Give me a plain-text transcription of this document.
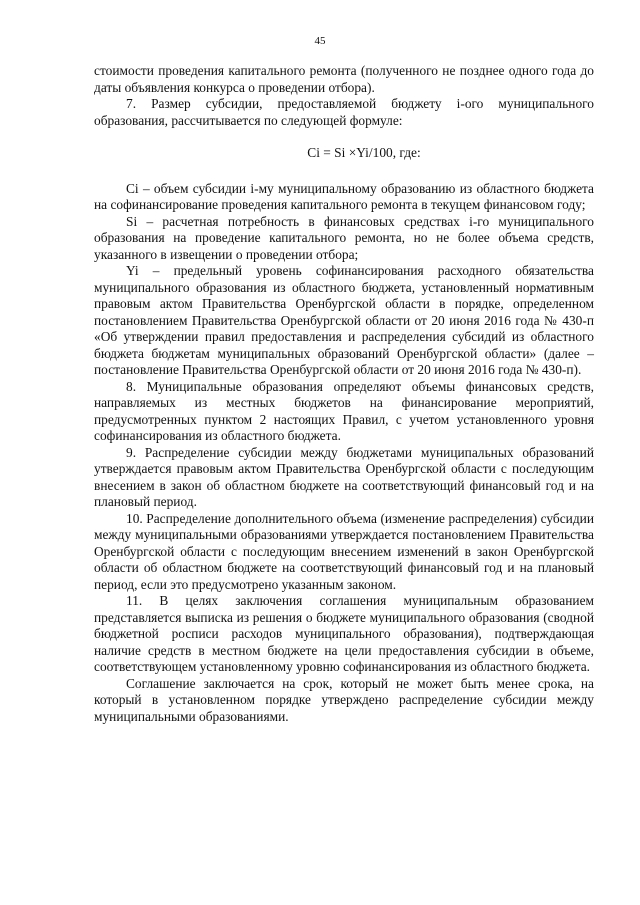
45

стоимости проведения капитального ремонта (полученного не позднее одного года до даты объявления конкурса о проведении отбора).

7. Размер субсидии, предоставляемой бюджету i-ого муниципального образования, рассчитывается по следующей формуле:

Ci = Si ×Yi/100, где:

Ci – объем субсидии i-му муниципальному образованию из областного бюджета на софинансирование проведения капитального ремонта в текущем финансовом году;

Si – расчетная потребность в финансовых средствах i-го муниципального образования на проведение капитального ремонта, но не более объема средств, указанного в извещении о проведении отбора;

Yi – предельный уровень софинансирования расходного обязательства муниципального образования из областного бюджета, установленный нормативным правовым актом Правительства Оренбургской области в порядке, определенном постановлением Правительства Оренбургской области от 20 июня 2016 года № 430-п «Об утверждении правил предоставления и распределения субсидий из областного бюджета бюджетам муниципальных образований Оренбургской области» (далее – постановление Правительства Оренбургской области от 20 июня 2016 года № 430-п).

8. Муниципальные образования определяют объемы финансовых средств, направляемых из местных бюджетов на финансирование мероприятий, предусмотренных пунктом 2 настоящих Правил, с учетом установленного уровня софинансирования из областного бюджета.

9. Распределение субсидии между бюджетами муниципальных образований утверждается правовым актом Правительства Оренбургской области с последующим внесением в закон об областном бюджете на соответствующий финансовый год и на плановый период.

10. Распределение дополнительного объема (изменение распределения) субсидии между муниципальными образованиями утверждается постановлением Правительства Оренбургской области с последующим внесением изменений в закон Оренбургской области об областном бюджете на соответствующий финансовый год и на плановый период, если это предусмотрено указанным законом.

11. В целях заключения соглашения муниципальным образованием представляется выписка из решения о бюджете муниципального образования (сводной бюджетной росписи расходов муниципального образования), подтверждающая наличие средств в местном бюджете на цели предоставления субсидии в объеме, соответствующем установленному уровню софинансирования из областного бюджета.

Соглашение заключается на срок, который не может быть менее срока, на который в установленном порядке утверждено распределение субсидии между муниципальными образованиями.
